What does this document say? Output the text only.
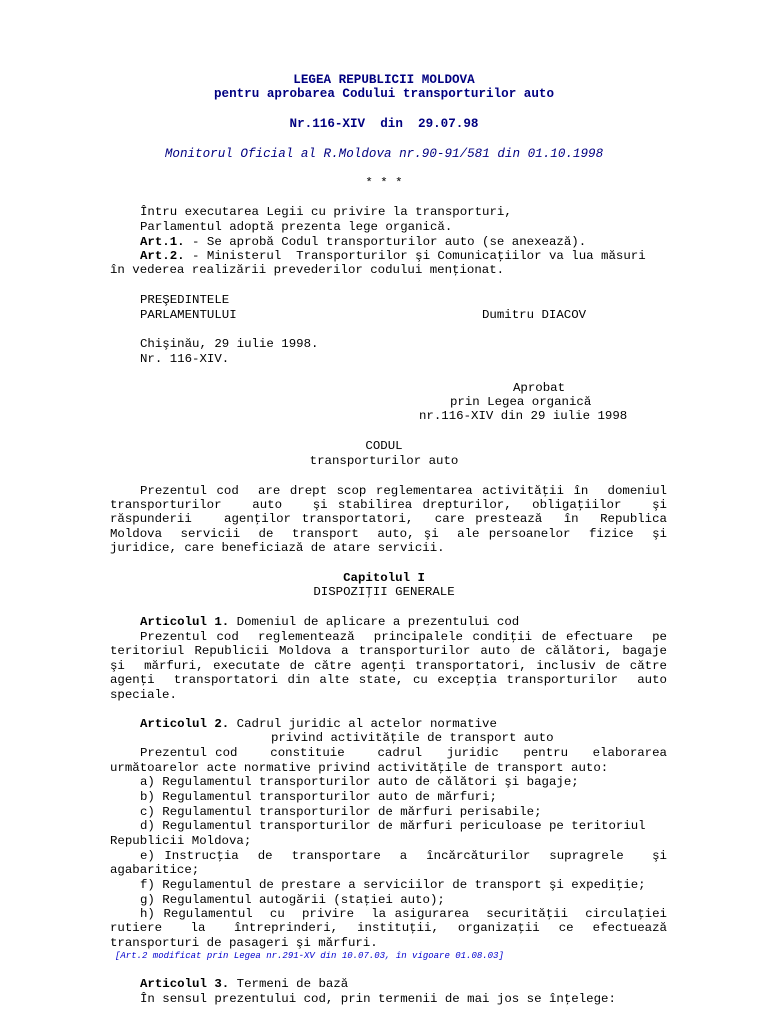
LEGEA REPUBLICII MOLDOVA
pentru aprobarea Codului transporturilor auto
Nr.116-XIV  din  29.07.98
Monitorul Oficial al R.Moldova nr.90-91/581 din 01.10.1998
* * *
Întru executarea Legii cu privire la transporturi,
Parlamentul adoptă prezenta lege organică.
Art.1. - Se aprobă Codul transporturilor auto (se anexează).
Art.2. - Ministerul  Transporturilor şi Comunicaţiilor va lua măsuri
în vederea realizării prevederilor codului menţionat.
PREŞEDINTELE
PARLAMENTULUI	Dumitru DIACOV
Chişinău, 29 iulie 1998.
Nr. 116-XIV.
Aprobat
prin Legea organică
nr.116-XIV din 29 iulie 1998
CODUL
transporturilor auto
Prezentul cod  are drept scop reglementarea activităţii în  domeniul
transporturilor   auto   şi stabilirea drepturilor,  obligaţiilor   şi
răspunderii   agenţilor transportatori,  care prestează  în  Republica
Moldova  servicii  de  transport  auto, şi  ale persoanelor  fizice  şi
juridice, care beneficiază de atare servicii.
Capitolul I
DISPOZIŢII GENERALE
Articolul 1. Domeniul de aplicare a prezentului cod
Prezentul cod  reglementează  principalele condiţii de efectuare  pe
teritoriul Republicii Moldova a transporturilor auto de călători, bagaje
şi  mărfuri, executate de către agenţi transportatori, inclusiv de către
agenţi  transportatori din alte state, cu excepţia transporturilor  auto
speciale.
Articolul 2. Cadrul juridic al actelor normative
privind activităţile de transport auto
Prezentul cod    constituie    cadrul   juridic   pentru   elaborarea
următoarelor acte normative privind activităţile de transport auto:
a) Regulamentul transporturilor auto de călători şi bagaje;
b) Regulamentul transporturilor auto de mărfuri;
c) Regulamentul transporturilor de mărfuri perisabile;
d) Regulamentul transporturilor de mărfuri periculoase pe teritoriul
Republicii Moldova;
e) Instrucţia  de  transportare  a  încărcăturilor  supragrele   şi
agabaritice;
f) Regulamentul de prestare a serviciilor de transport şi expediţie;
g) Regulamentul autogării (staţiei auto);
h) Regulamentul  cu  privire  la asigurarea  securităţii  circulaţiei
rutiere   la   întreprinderi,  instituţii,  organizaţii  ce  efectuează
transporturi de pasageri şi mărfuri.
[Art.2 modificat prin Legea nr.291-XV din 10.07.03, în vigoare 01.08.03]
Articolul 3. Termeni de bază
În sensul prezentului cod, prin termenii de mai jos se înţelege:
